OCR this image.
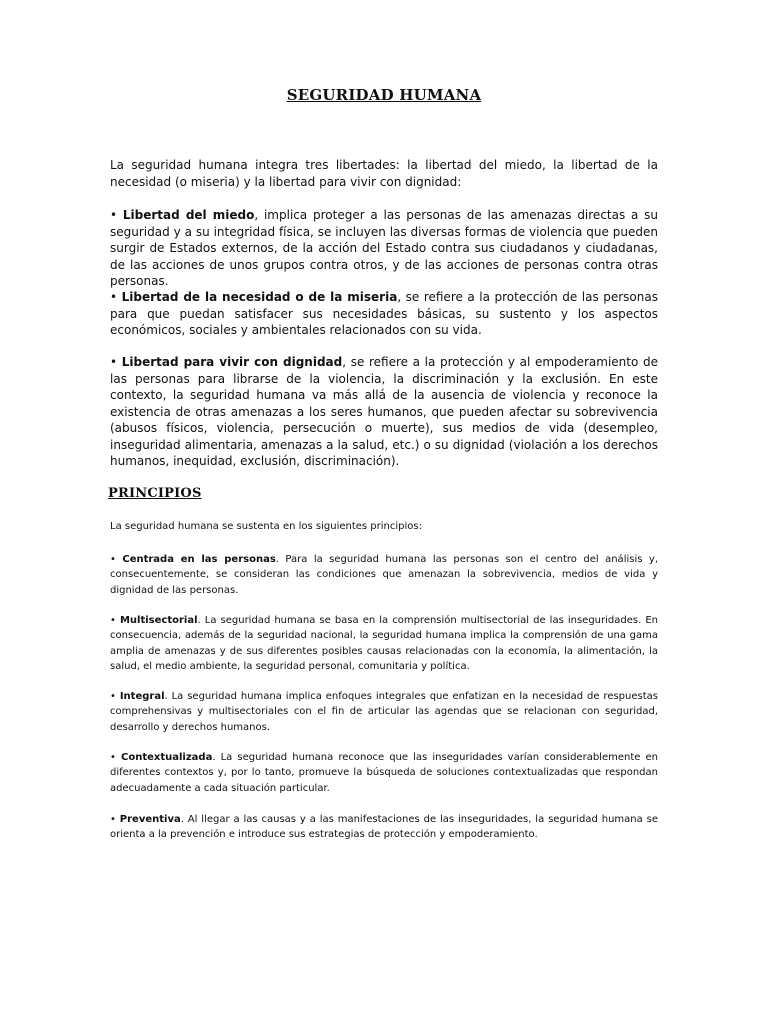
SEGURIDAD HUMANA

La seguridad humana integra tres libertades: la libertad del miedo, la libertad de la necesidad (o miseria) y la libertad para vivir con dignidad:

• Libertad del miedo, implica proteger a las personas de las amenazas directas a su seguridad y a su integridad física, se incluyen las diversas formas de violencia que pueden surgir de Estados externos, de la acción del Estado contra sus ciudadanos y ciudadanas, de las acciones de unos grupos contra otros, y de las acciones de personas contra otras personas.

• Libertad de la necesidad o de la miseria, se refiere a la protección de las personas para que puedan satisfacer sus necesidades básicas, su sustento y los aspectos económicos, sociales y ambientales relacionados con su vida.

• Libertad para vivir con dignidad, se refiere a la protección y al empoderamiento de las personas para librarse de la violencia, la discriminación y la exclusión. En este contexto, la seguridad humana va más allá de la ausencia de violencia y reconoce la existencia de otras amenazas a los seres humanos, que pueden afectar su sobrevivencia (abusos físicos, violencia, persecución o muerte), sus medios de vida (desempleo, inseguridad alimentaria, amenazas a la salud, etc.) o su dignidad (violación a los derechos humanos, inequidad, exclusión, discriminación).

PRINCIPIOS

La seguridad humana se sustenta en los siguientes principios:

• Centrada en las personas. Para la seguridad humana las personas son el centro del análisis y, consecuentemente, se consideran las condiciones que amenazan la sobrevivencia, medios de vida y dignidad de las personas.

• Multisectorial. La seguridad humana se basa en la comprensión multisectorial de las inseguridades. En consecuencia, además de la seguridad nacional, la seguridad humana implica la comprensión de una gama amplia de amenazas y de sus diferentes posibles causas relacionadas con la economía, la alimentación, la salud, el medio ambiente, la seguridad personal, comunitaria y política.

• Integral. La seguridad humana implica enfoques integrales que enfatizan en la necesidad de respuestas comprehensivas y multisectoriales con el fin de articular las agendas que se relacionan con seguridad, desarrollo y derechos humanos.

• Contextualizada. La seguridad humana reconoce que las inseguridades varían considerablemente en diferentes contextos y, por lo tanto, promueve la búsqueda de soluciones contextualizadas que respondan adecuadamente a cada situación particular.

• Preventiva. Al llegar a las causas y a las manifestaciones de las inseguridades, la seguridad humana se orienta a la prevención e introduce sus estrategias de protección y empoderamiento.
